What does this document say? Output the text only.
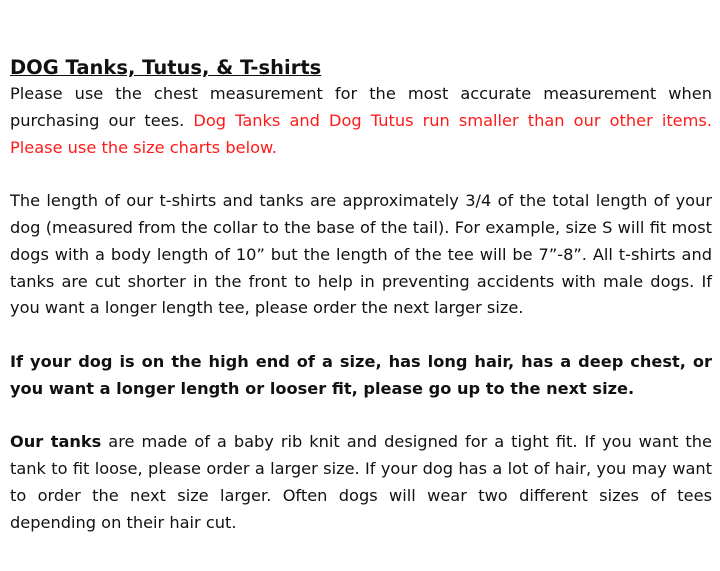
DOG Tanks, Tutus, & T-shirts

Please use the chest measurement for the most accurate measurement when purchasing our tees. Dog Tanks and Dog Tutus run smaller than our other items. Please use the size charts below.

The length of our t-shirts and tanks are approximately 3/4 of the total length of your dog (measured from the collar to the base of the tail). For example, size S will fit most dogs with a body length of 10” but the length of the tee will be 7”-8”. All t-shirts and tanks are cut shorter in the front to help in preventing accidents with male dogs. If you want a longer length tee, please order the next larger size.

If your dog is on the high end of a size, has long hair, has a deep chest, or you want a longer length or looser fit, please go up to the next size.

Our tanks are made of a baby rib knit and designed for a tight fit. If you want the tank to fit loose, please order a larger size. If your dog has a lot of hair, you may want to order the next size larger. Often dogs will wear two different sizes of tees depending on their hair cut.
